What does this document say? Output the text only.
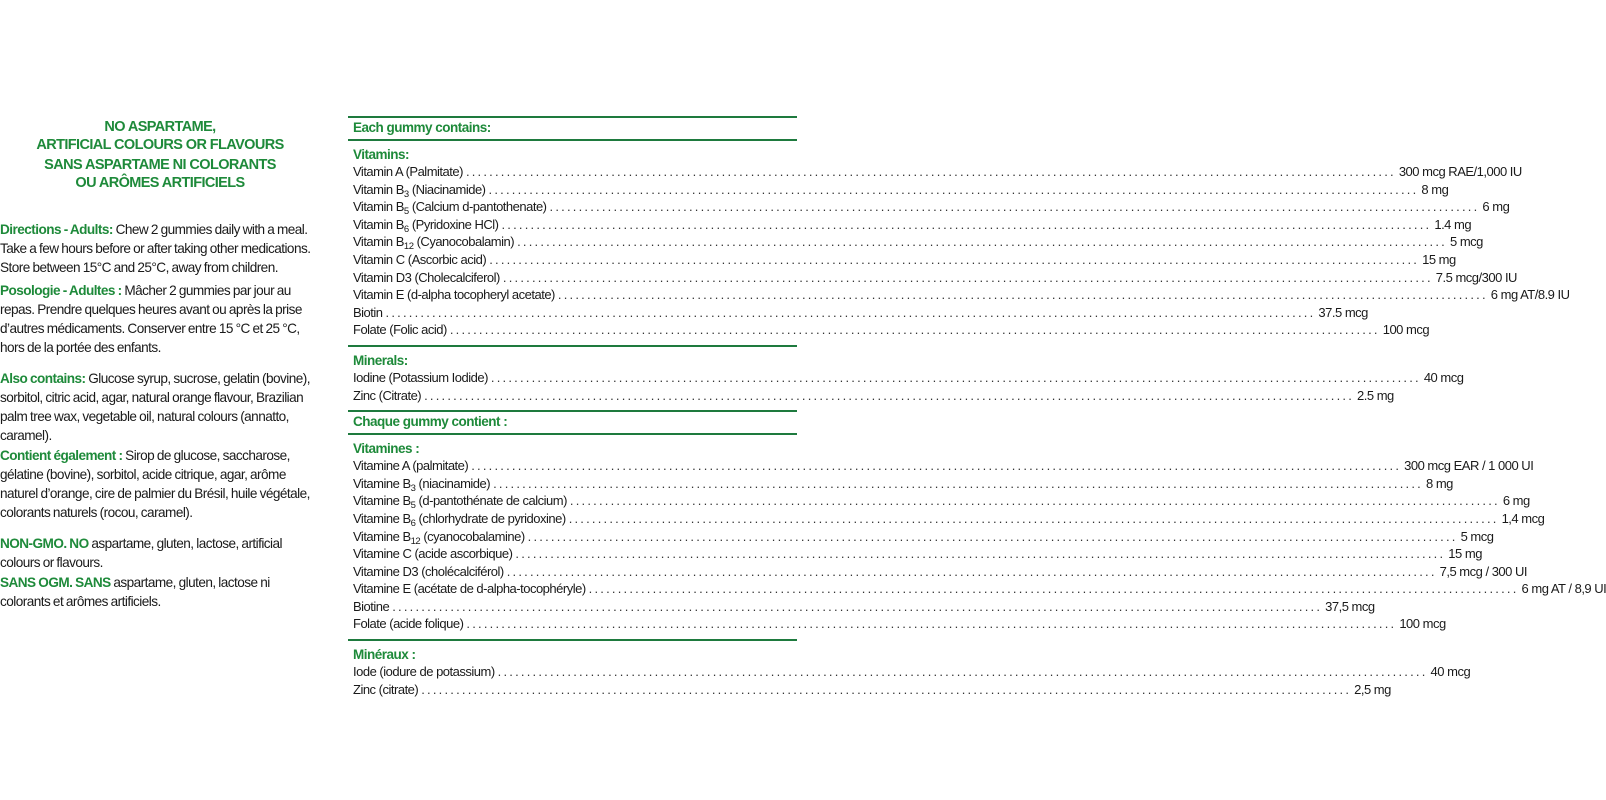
NO ASPARTAME,
ARTIFICIAL COLOURS OR FLAVOURS
SANS ASPARTAME NI COLORANTS
OU ARÔMES ARTIFICIELS

Directions - Adults: Chew 2 gummies daily with a meal. Take a few hours before or after taking other medications. Store between 15°C and 25°C, away from children.

Posologie - Adultes : Mâcher 2 gummies par jour au repas. Prendre quelques heures avant ou après la prise d’autres médicaments. Conserver entre 15 °C et 25 °C, hors de la portée des enfants.

Also contains: Glucose syrup, sucrose, gelatin (bovine), sorbitol, citric acid, agar, natural orange flavour, Brazilian palm tree wax, vegetable oil, natural colours (annatto, caramel).

Contient également : Sirop de glucose, saccharose, gélatine (bovine), sorbitol, acide citrique, agar, arôme naturel d’orange, cire de palmier du Brésil, huile végétale, colorants naturels (rocou, caramel).

NON-GMO. NO aspartame, gluten, lactose, artificial colours or flavours.

SANS OGM. SANS aspartame, gluten, lactose ni colorants et arômes artificiels.

Each gummy contains:
Vitamins:
Vitamin A (Palmitate) ................................................................................................................................................................ 300 mcg RAE/1,000 IU
Vitamin $B_3$ (Niacinamide) ................................................................................................................................................................ 8 mg
Vitamin $B_5$ (Calcium d-pantothenate) ................................................................................................................................................................ 6 mg
Vitamin $B_6$ (Pyridoxine HCl) ................................................................................................................................................................ 1.4 mg
Vitamin $B_{12}$ (Cyanocobalamin) ................................................................................................................................................................ 5 mcg
Vitamin C (Ascorbic acid) ................................................................................................................................................................ 15 mg
Vitamin D3 (Cholecalciferol) ................................................................................................................................................................ 7.5 mcg/300 IU
Vitamin E (d-alpha tocopheryl acetate) ................................................................................................................................................................ 6 mg AT/8.9 IU
Biotin ................................................................................................................................................................ 37.5 mcg
Folate (Folic acid) ................................................................................................................................................................ 100 mcg
Minerals:
Iodine (Potassium Iodide) ................................................................................................................................................................ 40 mcg
Zinc (Citrate) ................................................................................................................................................................ 2.5 mg
Chaque gummy contient :
Vitamines :
Vitamine A (palmitate) ................................................................................................................................................................ 300 mcg EAR / 1 000 UI
Vitamine $B_3$ (niacinamide) ................................................................................................................................................................ 8 mg
Vitamine $B_5$ (d-pantothénate de calcium) ................................................................................................................................................................ 6 mg
Vitamine $B_6$ (chlorhydrate de pyridoxine) ................................................................................................................................................................ 1,4 mcg
Vitamine $B_{12}$ (cyanocobalamine) ................................................................................................................................................................ 5 mcg
Vitamine C (acide ascorbique) ................................................................................................................................................................ 15 mg
Vitamine D3 (cholécalciférol) ................................................................................................................................................................ 7,5 mcg / 300 UI
Vitamine E (acétate de d-alpha-tocophéryle) ................................................................................................................................................................ 6 mg AT / 8,9 UI
Biotine ................................................................................................................................................................ 37,5 mcg
Folate (acide folique) ................................................................................................................................................................ 100 mcg
Minéraux :
Iode (iodure de potassium) ................................................................................................................................................................ 40 mcg
Zinc (citrate) ................................................................................................................................................................ 2,5 mg
